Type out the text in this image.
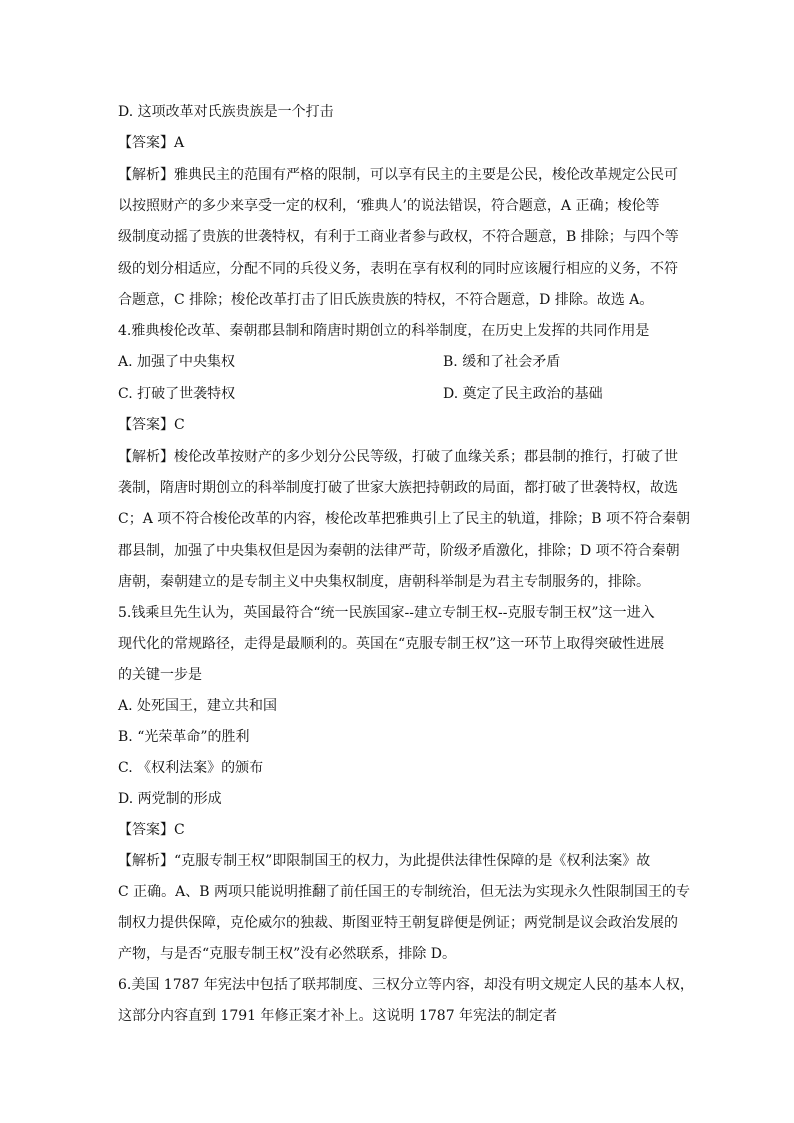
D. 这项改革对氏族贵族是一个打击
【答案】A
【解析】雅典民主的范围有严格的限制，可以享有民主的主要是公民，梭伦改革规定公民可
以按照财产的多少来享受一定的权利，‘雅典人’的说法错误，符合题意，A 正确；梭伦等
级制度动摇了贵族的世袭特权，有利于工商业者参与政权，不符合题意，B 排除；与四个等
级的划分相适应，分配不同的兵役义务，表明在享有权利的同时应该履行相应的义务，不符
合题意，C 排除；梭伦改革打击了旧氏族贵族的特权，不符合题意，D 排除。故选 A。
4.雅典梭伦改革、秦朝郡县制和隋唐时期创立的科举制度，在历史上发挥的共同作用是
A. 加强了中央集权	B. 缓和了社会矛盾
C. 打破了世袭特权	D. 奠定了民主政治的基础
【答案】C
【解析】梭伦改革按财产的多少划分公民等级，打破了血缘关系；郡县制的推行，打破了世
袭制，隋唐时期创立的科举制度打破了世家大族把持朝政的局面，都打破了世袭特权，故选
C；A 项不符合梭伦改革的内容，梭伦改革把雅典引上了民主的轨道，排除；B 项不符合秦朝
郡县制，加强了中央集权但是因为秦朝的法律严苛，阶级矛盾激化，排除；D 项不符合秦朝
唐朝，秦朝建立的是专制主义中央集权制度，唐朝科举制是为君主专制服务的，排除。
5.钱乘旦先生认为，英国最符合“统一民族国家--建立专制王权--克服专制王权”这一进入
现代化的常规路径，走得是最顺利的。英国在“克服专制王权”这一环节上取得突破性进展
的关键一步是
A. 处死国王，建立共和国
B. “光荣革命”的胜利
C. 《权利法案》的颁布
D. 两党制的形成
【答案】C
【解析】“克服专制王权”即限制国王的权力，为此提供法律性保障的是《权利法案》故
C 正确。A、B 两项只能说明推翻了前任国王的专制统治，但无法为实现永久性限制国王的专
制权力提供保障，克伦威尔的独裁、斯图亚特王朝复辟便是例证；两党制是议会政治发展的
产物，与是否“克服专制王权”没有必然联系，排除 D。
6.美国 1787 年宪法中包括了联邦制度、三权分立等内容，却没有明文规定人民的基本人权，
这部分内容直到 1791 年修正案才补上。这说明 1787 年宪法的制定者
